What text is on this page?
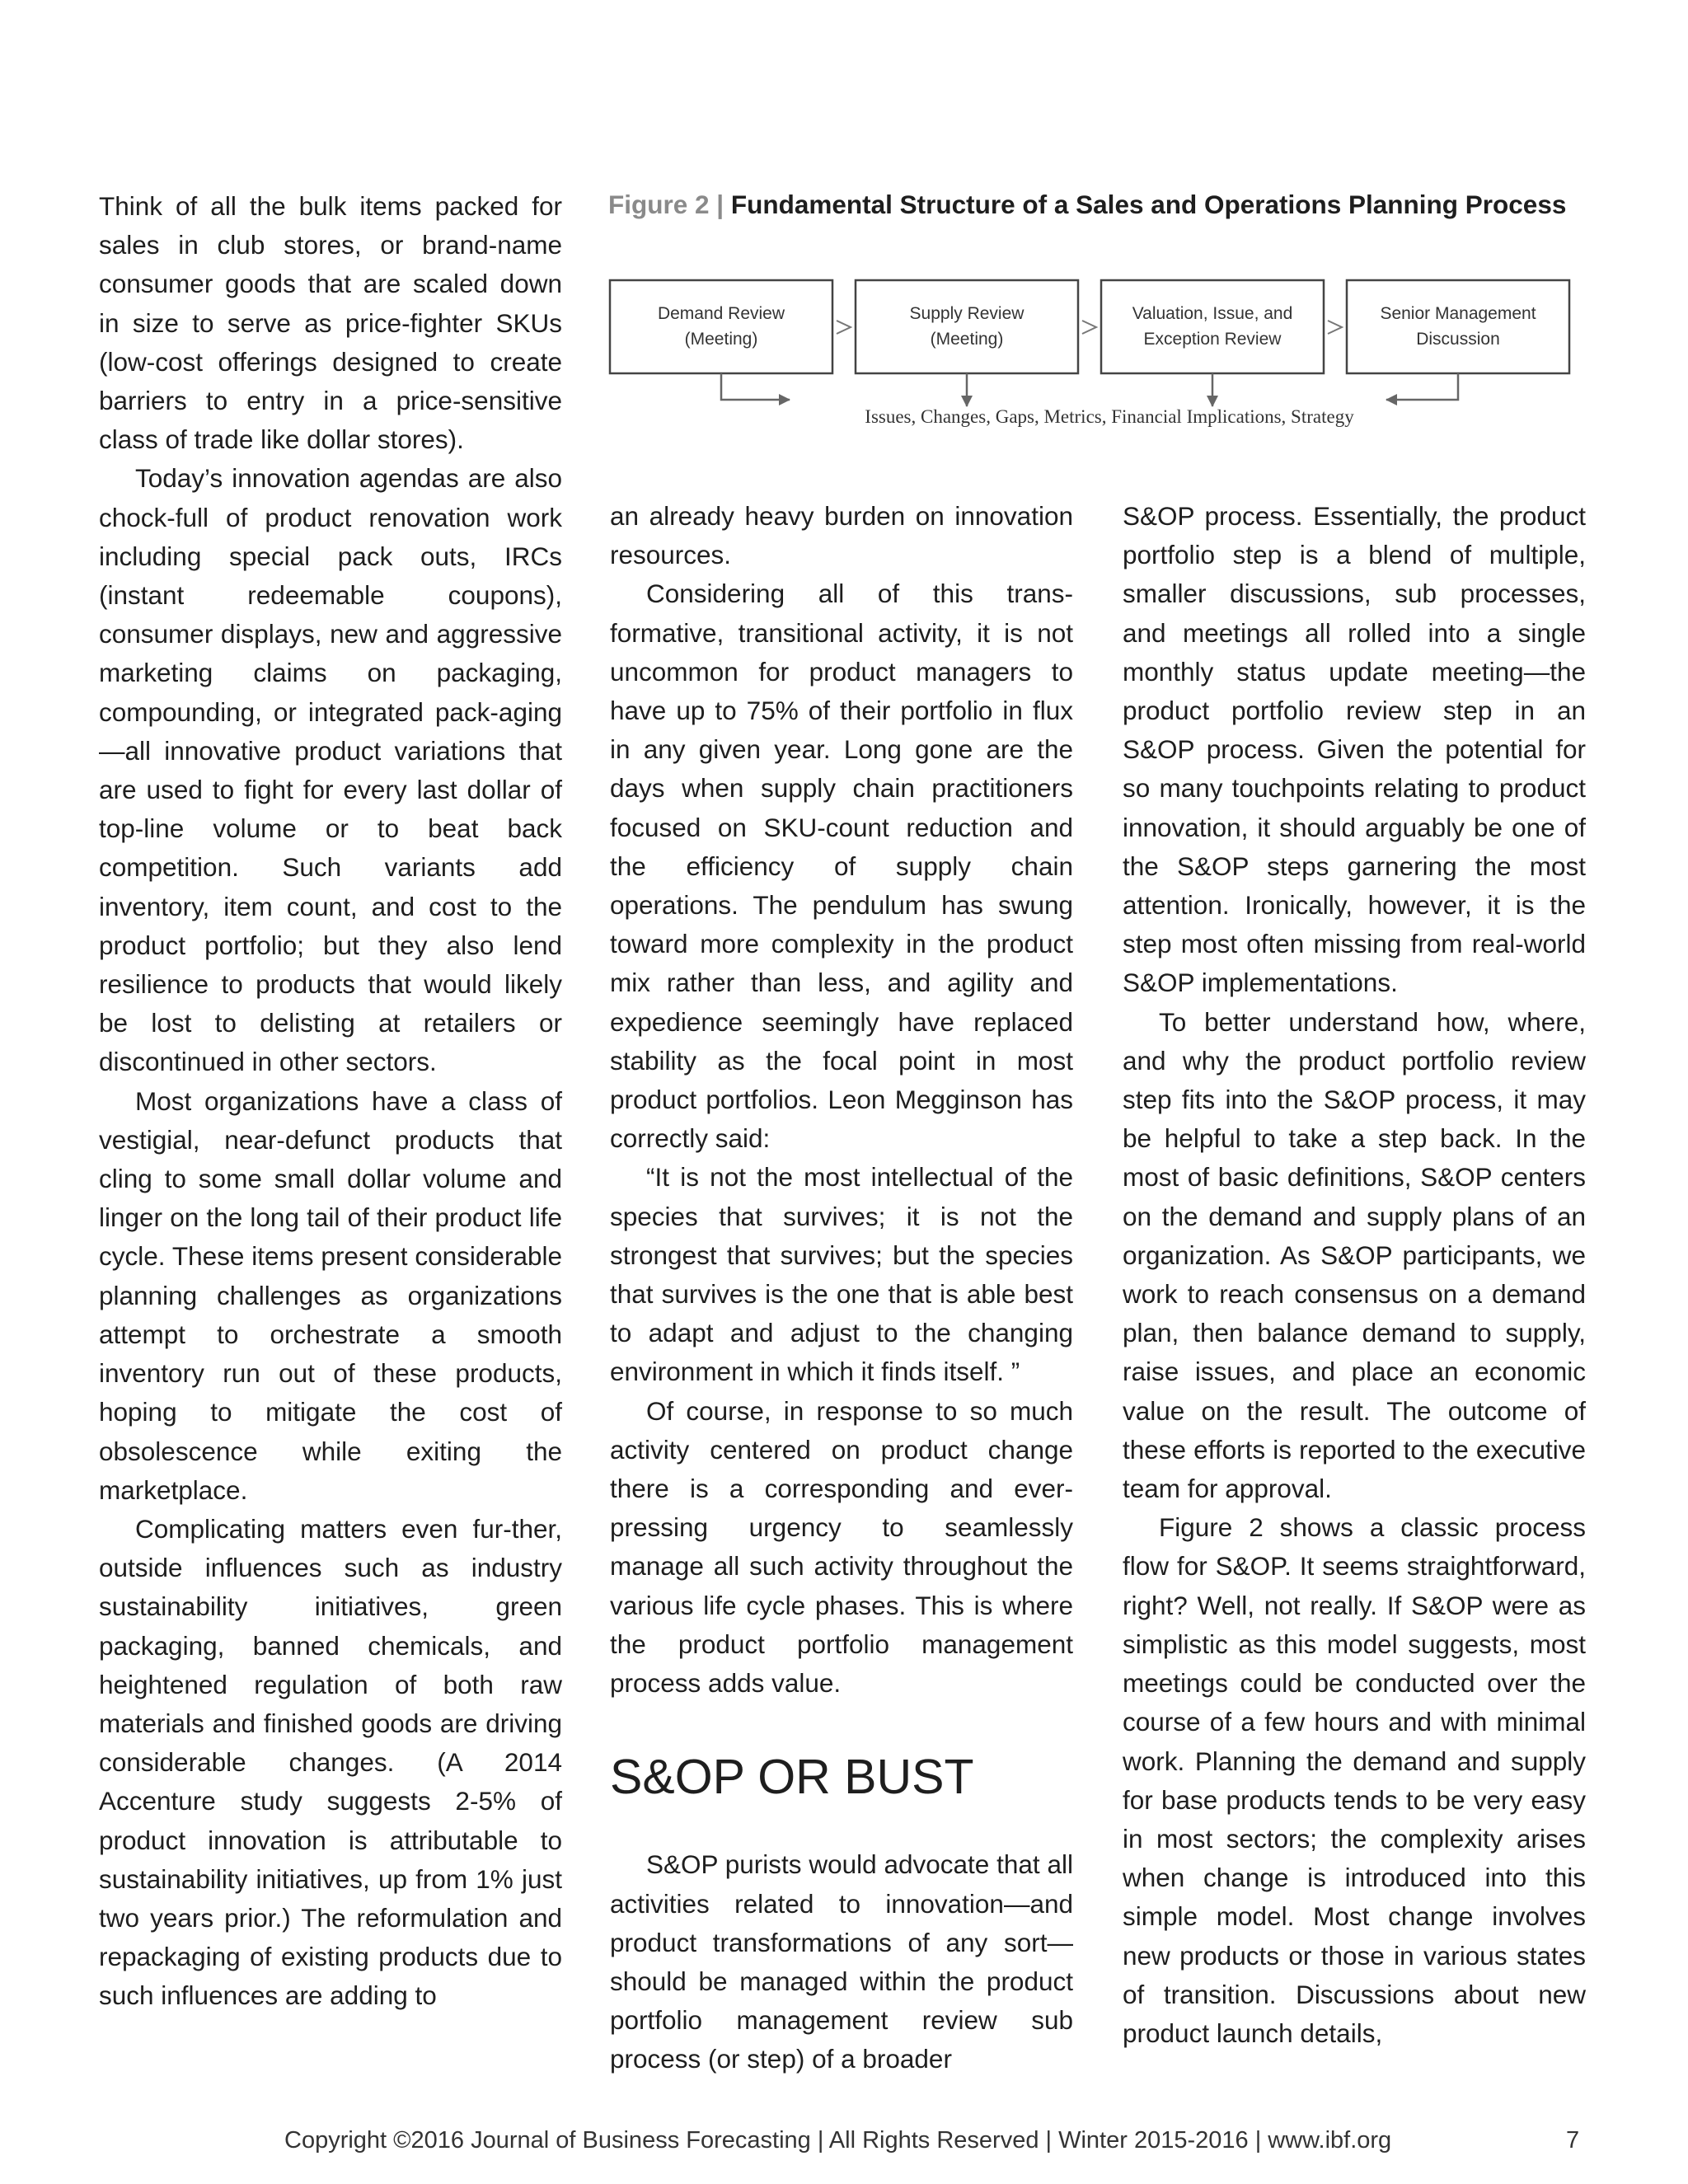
Think of all the bulk items packed for sales in club stores, or brand-name consumer goods that are scaled down in size to serve as price-fighter SKUs (low-cost offerings designed to create barriers to entry in a price-sensitive class of trade like dollar stores).

Today’s innovation agendas are also chock-full of product renovation work including special pack outs, IRCs (instant redeemable coupons), consumer displays, new and aggressive marketing claims on packaging, compounding, or integrated pack-aging—all innovative product variations that are used to fight for every last dollar of top-line volume or to beat back competition. Such variants add inventory, item count, and cost to the product portfolio; but they also lend resilience to products that would likely be lost to delisting at retailers or discontinued in other sectors.

Most organizations have a class of vestigial, near-defunct products that cling to some small dollar volume and linger on the long tail of their product life cycle. These items present considerable planning challenges as organizations attempt to orchestrate a smooth inventory run out of these products, hoping to mitigate the cost of obsolescence while exiting the marketplace.

Complicating matters even fur-ther, outside influences such as industry sustainability initiatives, green packaging, banned chemicals, and heightened regulation of both raw materials and finished goods are driving considerable changes. (A 2014 Accenture study suggests 2-5% of product innovation is attributable to sustainability initiatives, up from 1% just two years prior.) The reformulation and repackaging of existing products due to such influences are adding to

Figure 2 | Fundamental Structure of a Sales and Operations Planning Process
Demand Review
(Meeting)
Supply Review
(Meeting)
Valuation, Issue, and
Exception Review
Senior Management
Discussion
Issues, Changes, Gaps, Metrics, Financial Implications, Strategy

an already heavy burden on innovation resources.

Considering all of this trans-formative, transitional activity, it is not uncommon for product managers to have up to 75% of their portfolio in flux in any given year. Long gone are the days when supply chain practitioners focused on SKU-count reduction and the efficiency of supply chain operations. The pendulum has swung toward more complexity in the product mix rather than less, and agility and expedience seemingly have replaced stability as the focal point in most product portfolios. Leon Megginson has correctly said:

“It is not the most intellectual of the species that survives; it is not the strongest that survives; but the species that survives is the one that is able best to adapt and adjust to the changing environment in which it finds itself. ”

Of course, in response to so much activity centered on product change there is a corresponding and ever-pressing urgency to seamlessly manage all such activity throughout the various life cycle phases. This is where the product portfolio management process adds value.

S&OP OR BUST

S&OP purists would advocate that all activities related to innovation—and product transformations of any sort—should be managed within the product portfolio management review sub process (or step) of a broader

S&OP process. Essentially, the product portfolio step is a blend of multiple, smaller discussions, sub processes, and meetings all rolled into a single monthly status update meeting—the product portfolio review step in an S&OP process. Given the potential for so many touchpoints relating to product innovation, it should arguably be one of the S&OP steps garnering the most attention. Ironically, however, it is the step most often missing from real-world S&OP implementations.

To better understand how, where, and why the product portfolio review step fits into the S&OP process, it may be helpful to take a step back. In the most of basic definitions, S&OP centers on the demand and supply plans of an organization. As S&OP participants, we work to reach consensus on a demand plan, then balance demand to supply, raise issues, and place an economic value on the result. The outcome of these efforts is reported to the executive team for approval.

Figure 2 shows a classic process flow for S&OP. It seems straightforward, right? Well, not really. If S&OP were as simplistic as this model suggests, most meetings could be conducted over the course of a few hours and with minimal work. Planning the demand and supply for base products tends to be very easy in most sectors; the complexity arises when change is introduced into this simple model. Most change involves new products or those in various states of transition. Discussions about new product launch details,

Copyright ©2016 Journal of Business Forecasting | All Rights Reserved | Winter 2015-2016 | www.ibf.org	7
